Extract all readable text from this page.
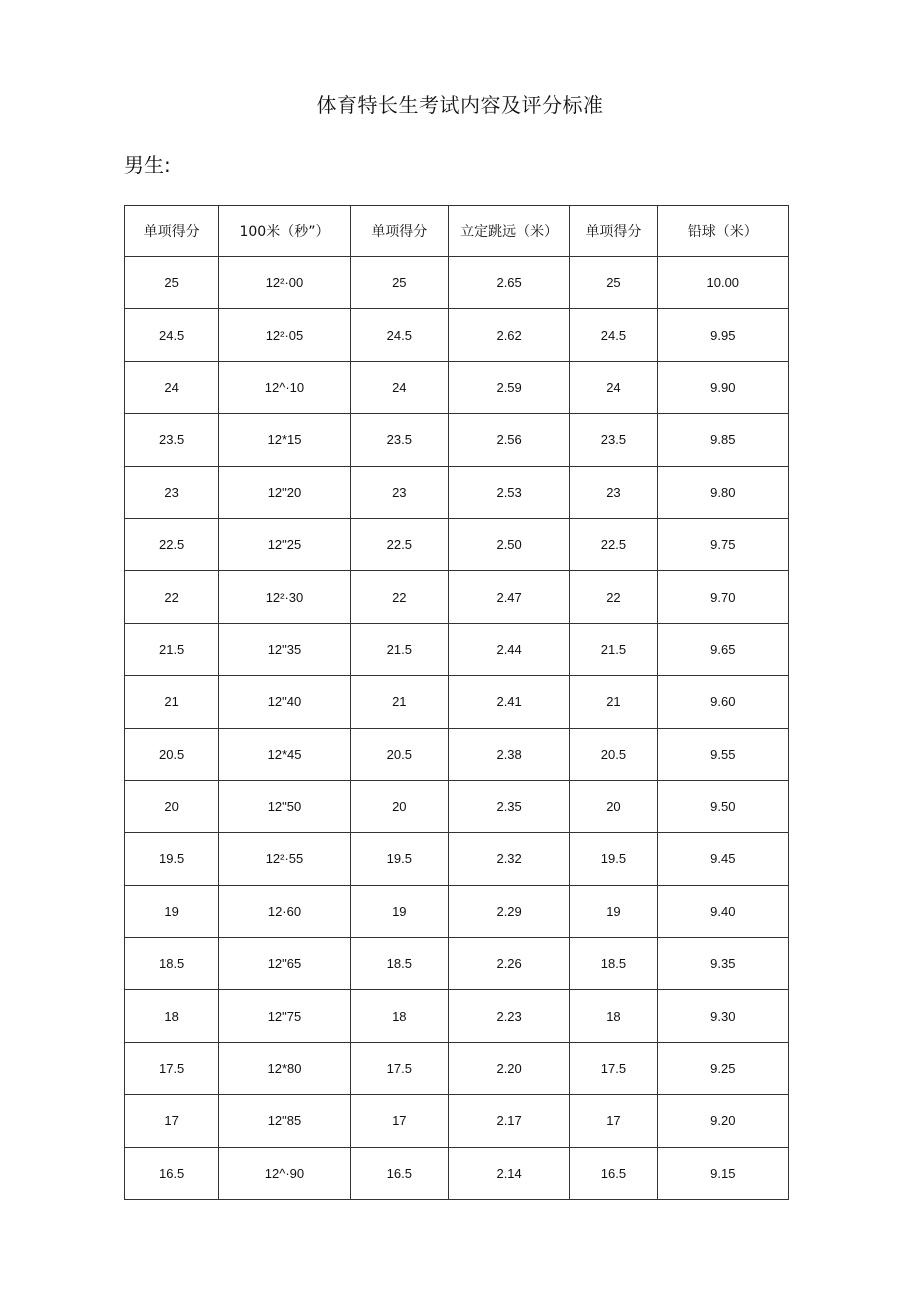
体育特长生考试内容及评分标准
男生:
单项得分	100米（秒”）	单项得分	立定跳远（米）	单项得分	铅球（米）
25	12²·00	25	2.65	25	10.00
24.5	12²·05	24.5	2.62	24.5	9.95
24	12^·10	24	2.59	24	9.90
23.5	12*15	23.5	2.56	23.5	9.85
23	12"20	23	2.53	23	9.80
22.5	12"25	22.5	2.50	22.5	9.75
22	12²·30	22	2.47	22	9.70
21.5	12"35	21.5	2.44	21.5	9.65
21	12"40	21	2.41	21	9.60
20.5	12*45	20.5	2.38	20.5	9.55
20	12"50	20	2.35	20	9.50
19.5	12²·55	19.5	2.32	19.5	9.45
19	12·60	19	2.29	19	9.40
18.5	12"65	18.5	2.26	18.5	9.35
18	12"75	18	2.23	18	9.30
17.5	12*80	17.5	2.20	17.5	9.25
17	12"85	17	2.17	17	9.20
16.5	12^·90	16.5	2.14	16.5	9.15
